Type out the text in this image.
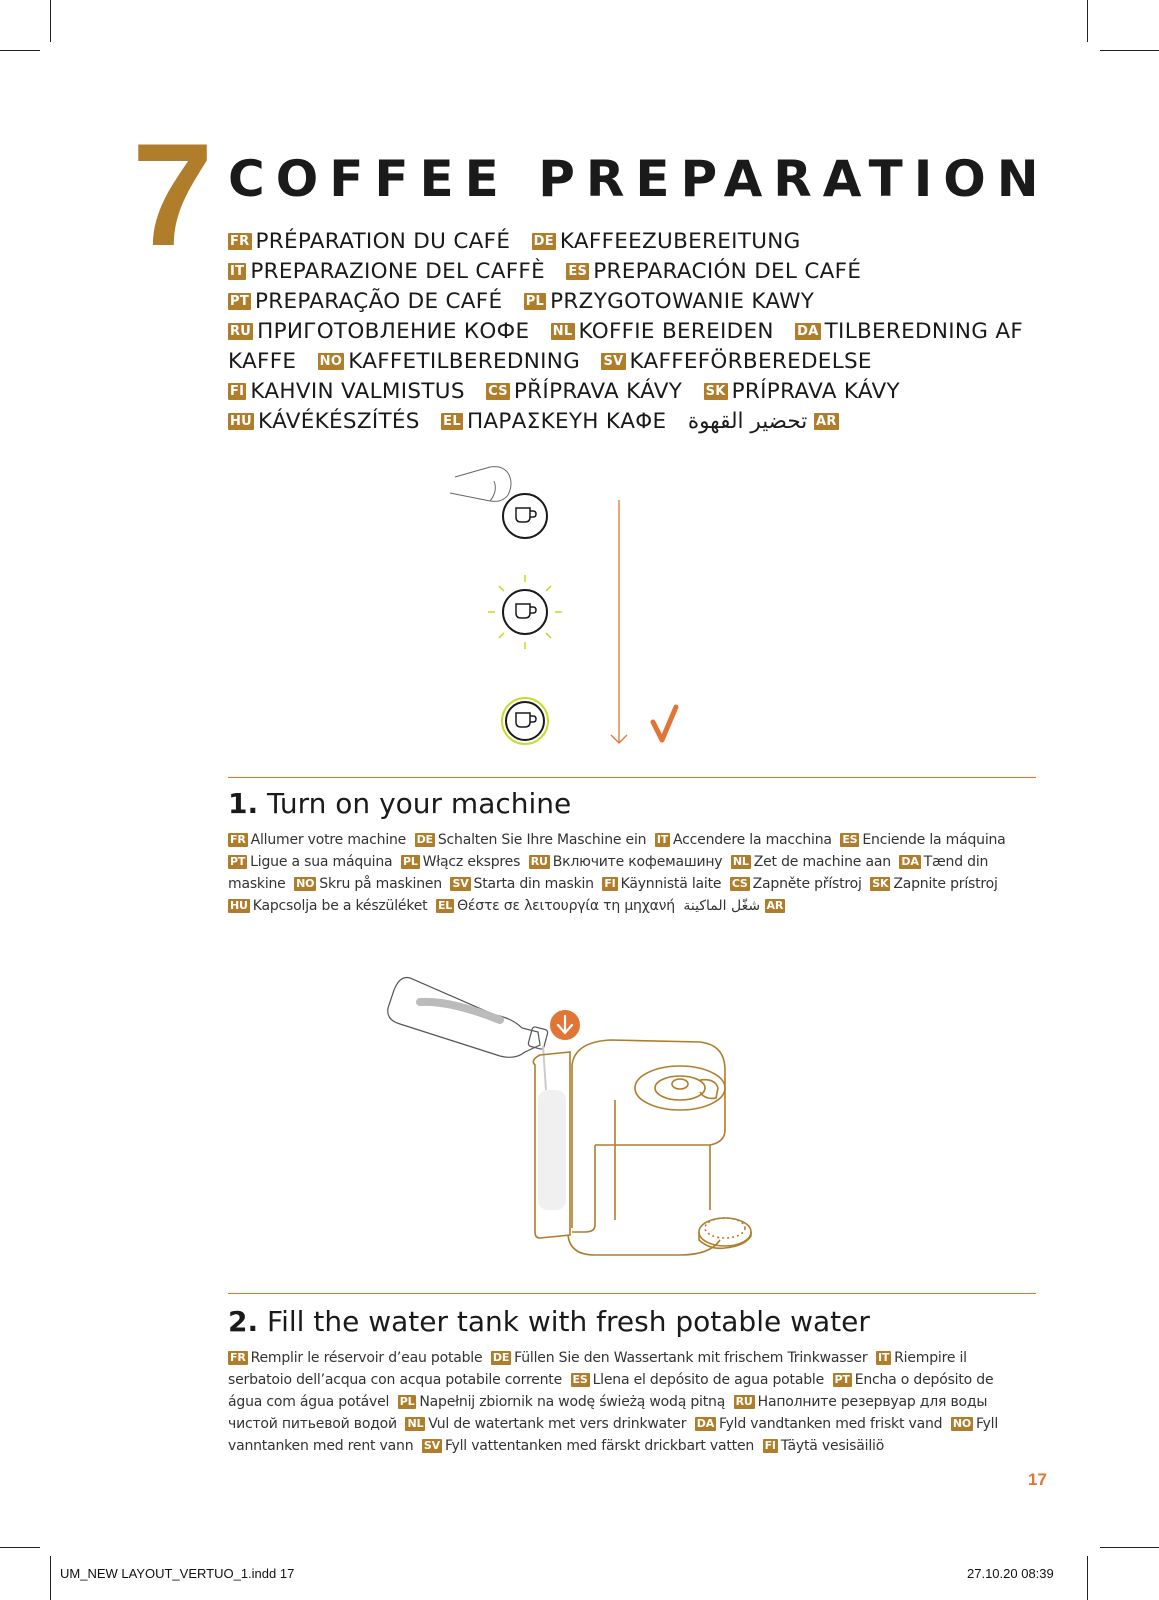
7 COFFEE PREPARATION
FR PRÉPARATION DU CAFÉ DE KAFFEEZUBEREITUNG
IT PREPARAZIONE DEL CAFFÈ ES PREPARACIÓN DEL CAFÉ
PT PREPARAÇÃO DE CAFÉ PL PRZYGOTOWANIE KAWY
RU ПРИГОТОВЛЕНИЕ КОФЕ NL KOFFIE BEREIDEN DA TILBEREDNING AF KAFFE NO KAFFETILBEREDNING SV KAFFEFÖRBEREDELSE
FI KAHVIN VALMISTUS CS PŘÍPRAVA KÁVY SK PRÍPRAVA KÁVY
HU KÁVÉKÉSZÍTÉS EL ΠΑΡΑΣΚΕΥΗ ΚΑΦΕ تحضير القهوة AR
1. Turn on your machine
FR Allumer votre machine DE Schalten Sie Ihre Maschine ein IT Accendere la macchina ES Enciende la máquina  PT Ligue a sua máquina PL Włącz ekspres RU Включите кофемашину NL Zet de machine aan DA Tænd din maskine NO Skru på maskinen SV Starta din maskin FI Käynnistä laite CS Zapněte přístroj SK Zapnite prístroj  HU Kapcsolja be a készüléket EL Θέστε σε λειτουργία τη μηχανή شغّل الماكينة AR
2. Fill the water tank with fresh potable water
FR Remplir le réservoir d’eau potable DE Füllen Sie den Wassertank mit frischem Trinkwasser IT Riempire il serbatoio dell’acqua con acqua potabile corrente ES Llena el depósito de agua potable PT Encha o depósito de água com água potável PL Napełnij zbiornik na wodę świeżą wodą pitną RU Наполните резервуар для воды чистой питьевой водой NL Vul de watertank met vers drinkwater DA Fyld vandtanken med friskt vand NO Fyll vanntanken med rent vann SV Fyll vattentanken med färskt drickbart vatten FI Täytä vesisäiliö
17
UM_NEW LAYOUT_VERTUO_1.indd 17	27.10.20 08:39
